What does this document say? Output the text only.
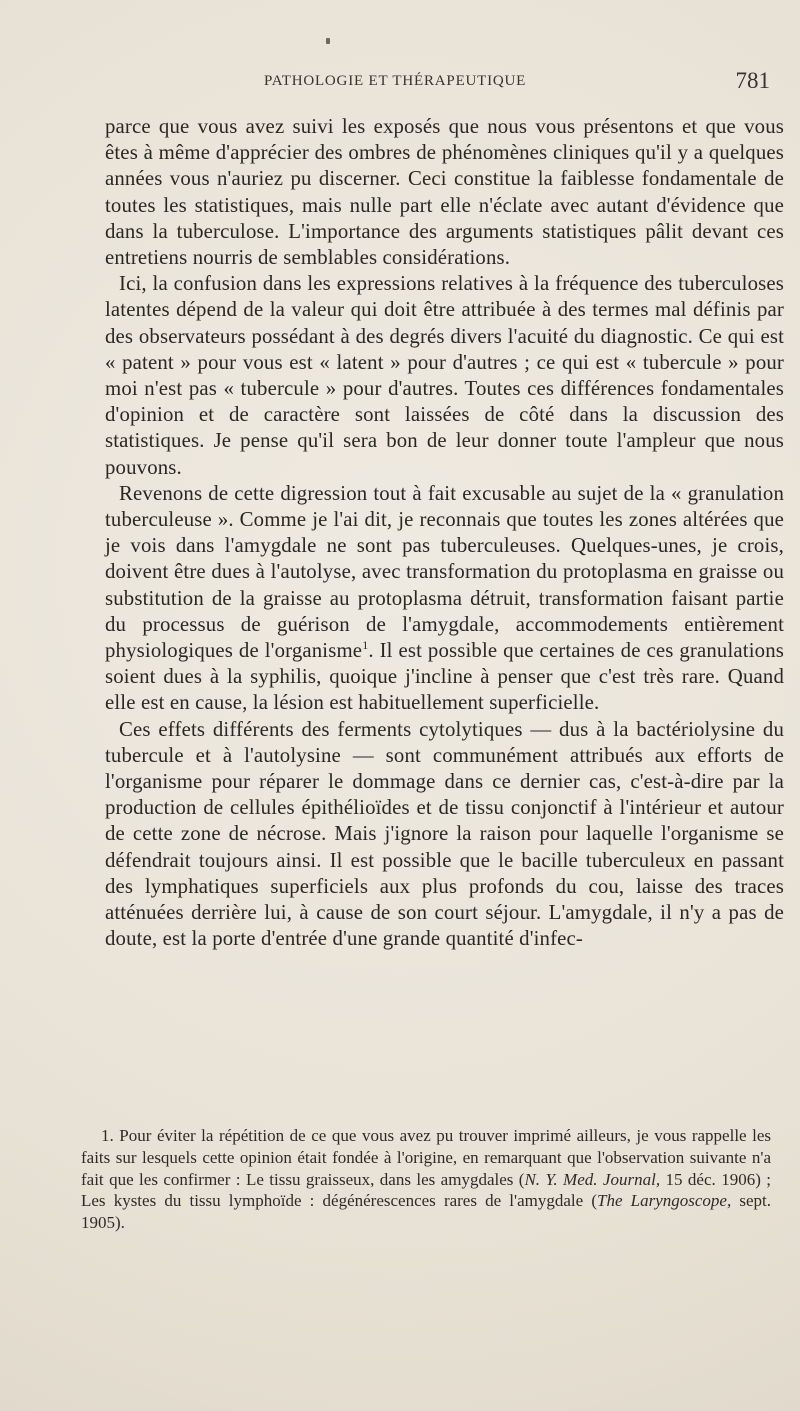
PATHOLOGIE ET THÉRAPEUTIQUE	781

parce que vous avez suivi les exposés que nous vous présentons et que vous êtes à même d'apprécier des ombres de phénomènes cliniques qu'il y a quelques années vous n'auriez pu discerner. Ceci constitue la faiblesse fondamentale de toutes les statistiques, mais nulle part elle n'éclate avec autant d'évidence que dans la tuberculose. L'importance des arguments statistiques pâlit devant ces entretiens nourris de semblables considérations.

Ici, la confusion dans les expressions relatives à la fréquence des tuberculoses latentes dépend de la valeur qui doit être attribuée à des termes mal définis par des observateurs possédant à des degrés divers l'acuité du diagnostic. Ce qui est « patent » pour vous est « latent » pour d'autres ; ce qui est « tubercule » pour moi n'est pas « tubercule » pour d'autres. Toutes ces différences fondamentales d'opinion et de caractère sont laissées de côté dans la discussion des statistiques. Je pense qu'il sera bon de leur donner toute l'ampleur que nous pouvons.

Revenons de cette digression tout à fait excusable au sujet de la « granulation tuberculeuse ». Comme je l'ai dit, je reconnais que toutes les zones altérées que je vois dans l'amygdale ne sont pas tuberculeuses. Quelques-unes, je crois, doivent être dues à l'autolyse, avec transformation du protoplasma en graisse ou substitution de la graisse au protoplasma détruit, transformation faisant partie du processus de guérison de l'amygdale, accommodements entièrement physiologiques de l'organisme$^1$. Il est possible que certaines de ces granulations soient dues à la syphilis, quoique j'incline à penser que c'est très rare. Quand elle est en cause, la lésion est habituellement superficielle.

Ces effets différents des ferments cytolytiques — dus à la bactériolysine du tubercule et à l'autolysine — sont communément attribués aux efforts de l'organisme pour réparer le dommage dans ce dernier cas, c'est-à-dire par la production de cellules épithélioïdes et de tissu conjonctif à l'intérieur et autour de cette zone de nécrose. Mais j'ignore la raison pour laquelle l'organisme se défendrait toujours ainsi. Il est possible que le bacille tuberculeux en passant des lymphatiques superficiels aux plus profonds du cou, laisse des traces atténuées derrière lui, à cause de son court séjour. L'amygdale, il n'y a pas de doute, est la porte d'entrée d'une grande quantité d'infec-

1. Pour éviter la répétition de ce que vous avez pu trouver imprimé ailleurs, je vous rappelle les faits sur lesquels cette opinion était fondée à l'origine, en remarquant que l'observation suivante n'a fait que les confirmer : Le tissu graisseux, dans les amygdales (N. Y. Med. Journal, 15 déc. 1906) ; Les kystes du tissu lymphoïde : dégénérescences rares de l'amygdale (The Laryngoscope, sept. 1905).
